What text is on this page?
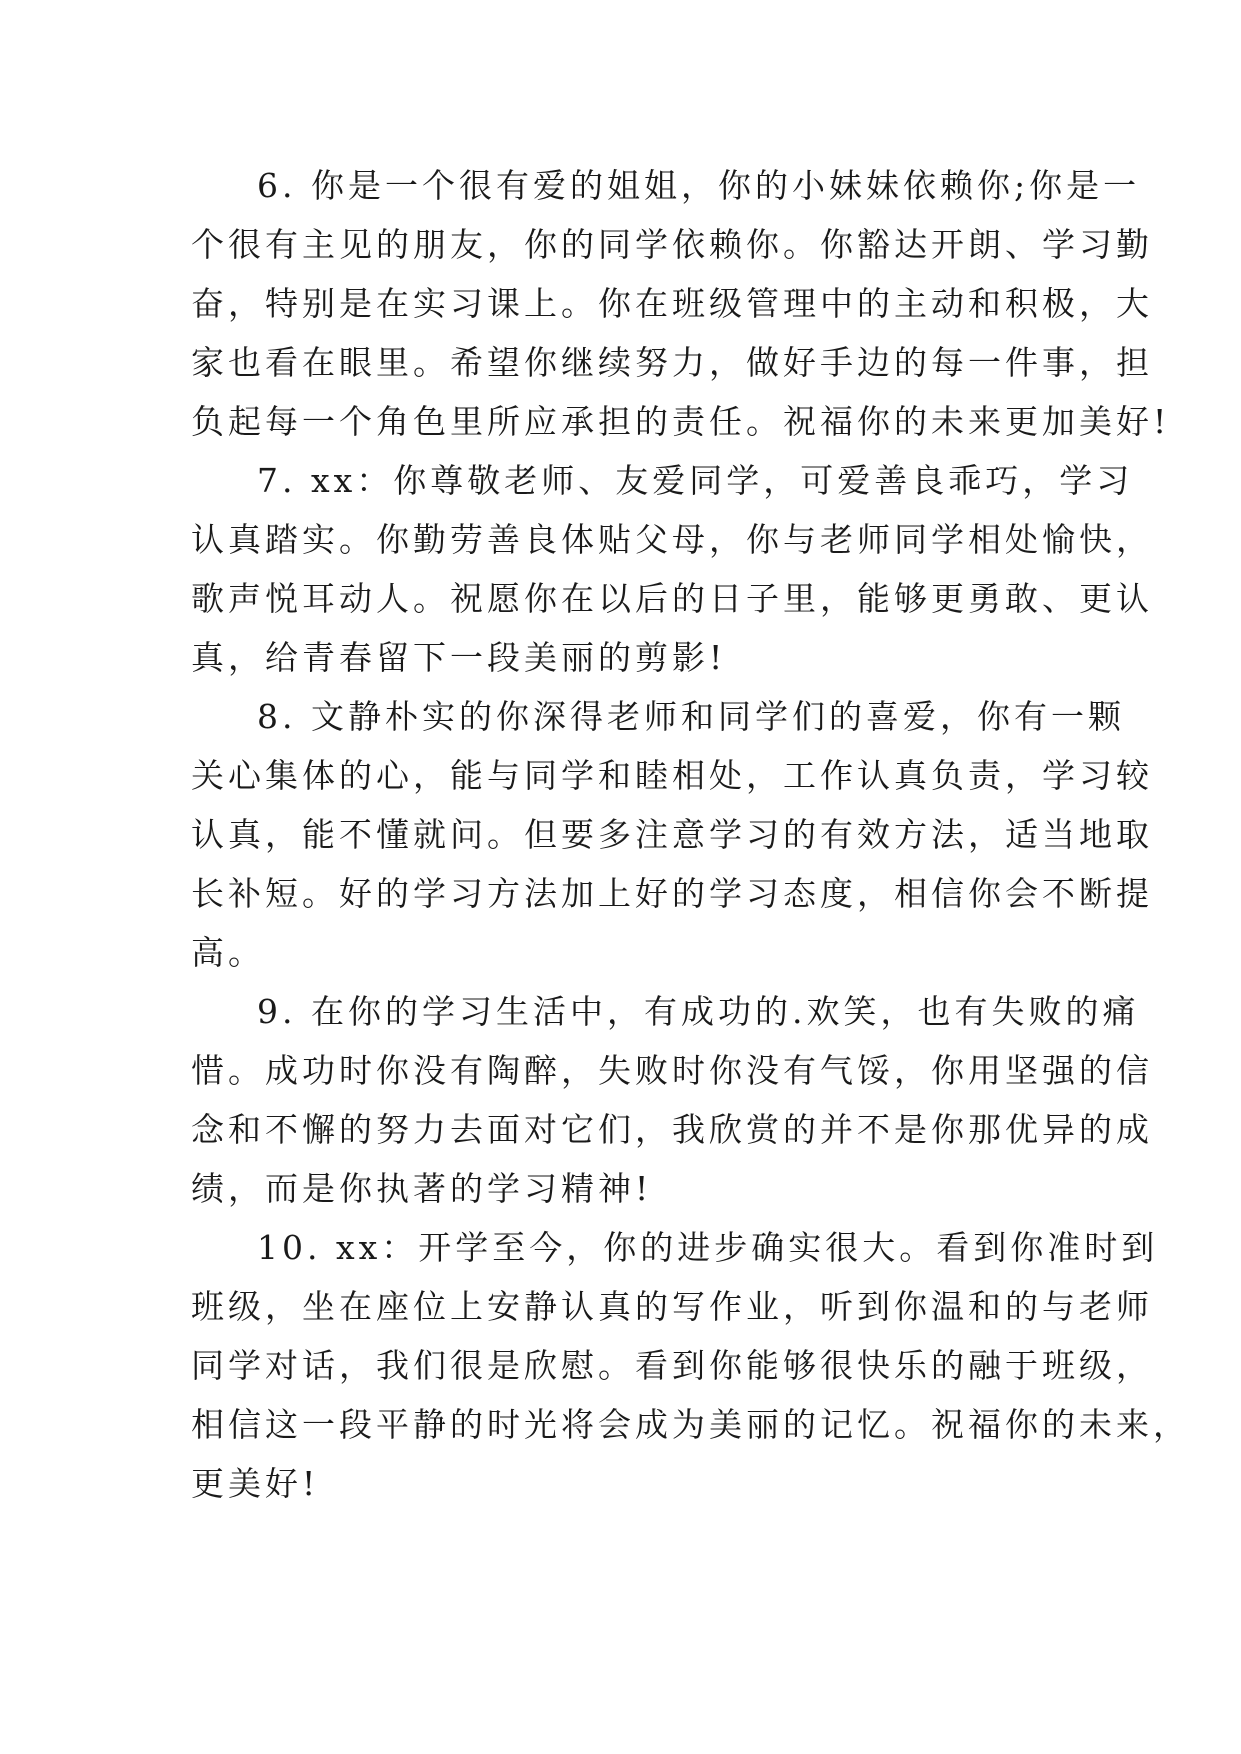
6. 你是一个很有爱的姐姐，你的小妹妹依赖你;你是一
个很有主见的朋友，你的同学依赖你。你豁达开朗、学习勤
奋，特别是在实习课上。你在班级管理中的主动和积极，大
家也看在眼里。希望你继续努力，做好手边的每一件事，担
负起每一个角色里所应承担的责任。祝福你的未来更加美好!
7. xx：你尊敬老师、友爱同学，可爱善良乖巧，学习
认真踏实。你勤劳善良体贴父母，你与老师同学相处愉快，
歌声悦耳动人。祝愿你在以后的日子里，能够更勇敢、更认
真，给青春留下一段美丽的剪影!
8. 文静朴实的你深得老师和同学们的喜爱，你有一颗
关心集体的心，能与同学和睦相处，工作认真负责，学习较
认真，能不懂就问。但要多注意学习的有效方法，适当地取
长补短。好的学习方法加上好的学习态度，相信你会不断提
高。
9. 在你的学习生活中，有成功的.欢笑，也有失败的痛
惜。成功时你没有陶醉，失败时你没有气馁，你用坚强的信
念和不懈的努力去面对它们，我欣赏的并不是你那优异的成
绩，而是你执著的学习精神!
10. xx：开学至今，你的进步确实很大。看到你准时到
班级，坐在座位上安静认真的写作业，听到你温和的与老师
同学对话，我们很是欣慰。看到你能够很快乐的融于班级，
相信这一段平静的时光将会成为美丽的记忆。祝福你的未来，
更美好!
